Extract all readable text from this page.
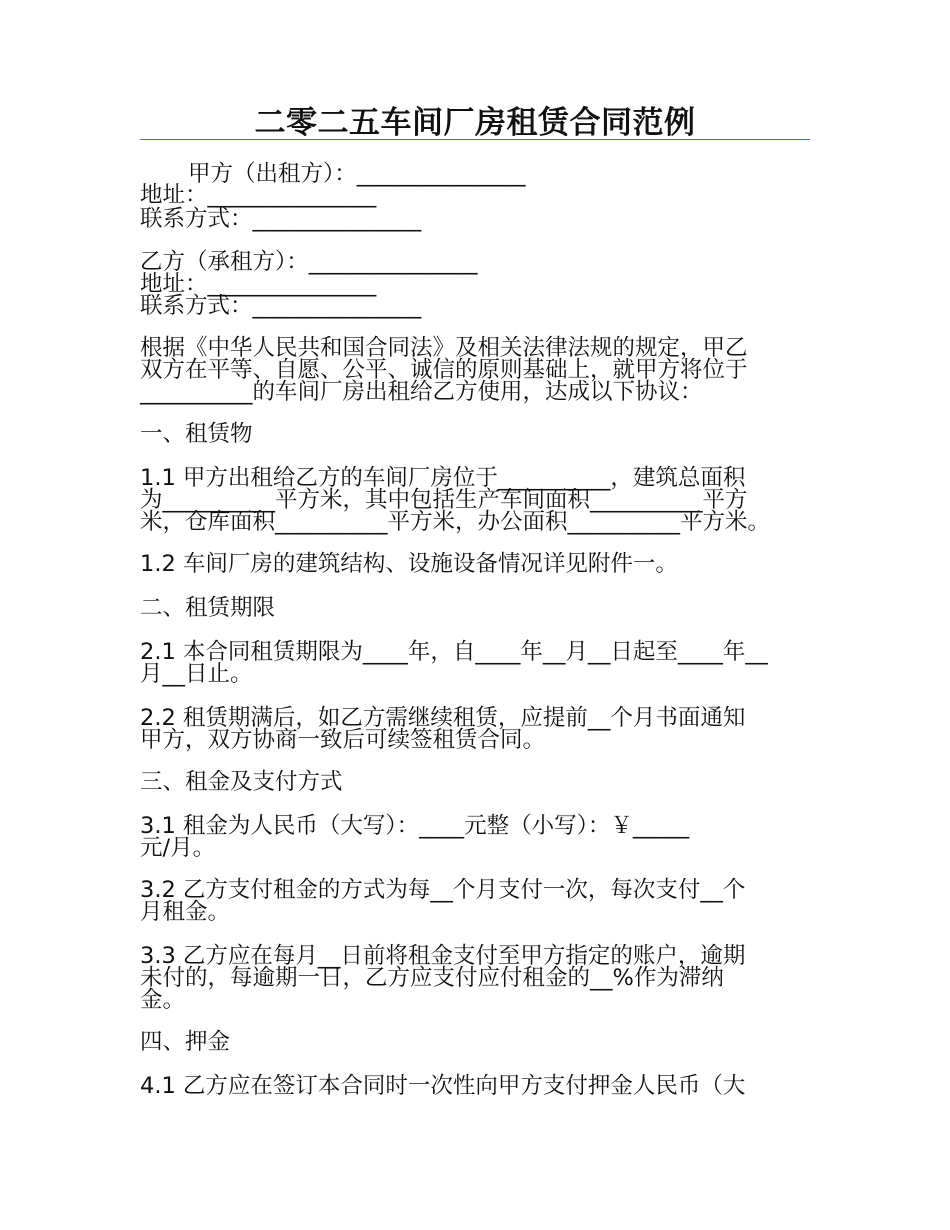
二零二五车间厂房租赁合同范例

甲方（出租方）：_______________

地址：_______________

联系方式：_______________

乙方（承租方）：_______________

地址：_______________

联系方式：_______________

根据《中华人民共和国合同法》及相关法律法规的规定，甲乙

双方在平等、自愿、公平、诚信的原则基础上，就甲方将位于

__________的车间厂房出租给乙方使用，达成以下协议：

一、租赁物

1.1 甲方出租给乙方的车间厂房位于__________，建筑总面积

为__________平方米，其中包括生产车间面积__________平方

米，仓库面积__________平方米，办公面积__________平方米。

1.2 车间厂房的建筑结构、设施设备情况详见附件一。

二、租赁期限

2.1 本合同租赁期限为____年，自____年__月__日起至____年__

月__日止。

2.2 租赁期满后，如乙方需继续租赁，应提前__个月书面通知

甲方，双方协商一致后可续签租赁合同。

三、租金及支付方式

3.1 租金为人民币（大写）：____元整（小写）：￥_____

元/月。

3.2 乙方支付租金的方式为每__个月支付一次，每次支付__个

月租金。

3.3 乙方应在每月__日前将租金支付至甲方指定的账户，逾期

未付的，每逾期一日，乙方应支付应付租金的__%作为滞纳

金。

四、押金

4.1 乙方应在签订本合同时一次性向甲方支付押金人民币（大
